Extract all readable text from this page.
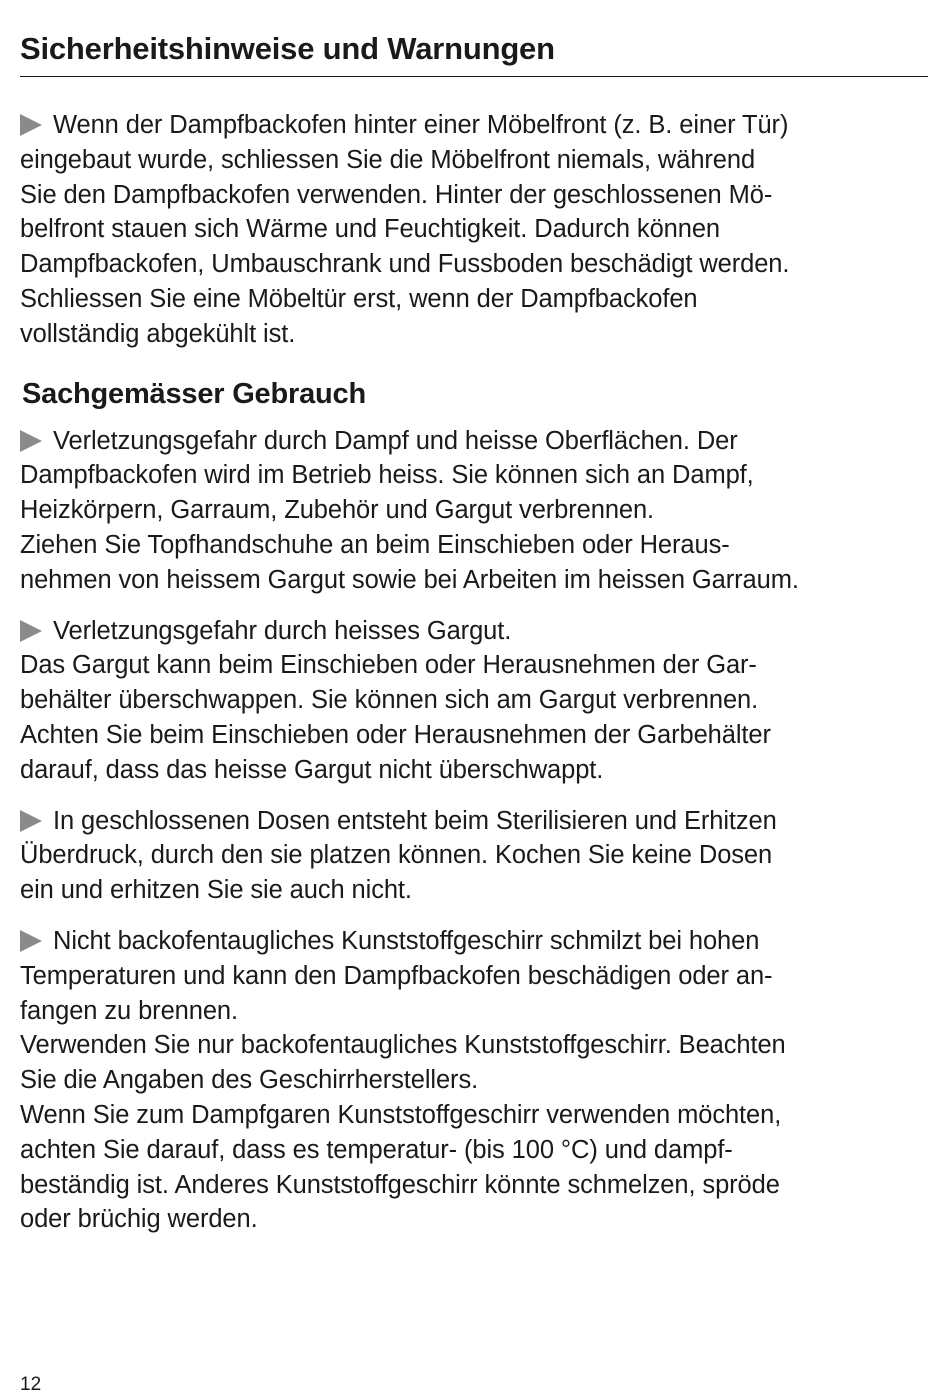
Sicherheitshinweise und Warnungen

Wenn der Dampfbackofen hinter einer Möbelfront (z. B. einer Tür)
eingebaut wurde, schliessen Sie die Möbelfront niemals, während
Sie den Dampfbackofen verwenden. Hinter der geschlossenen Mö-
belfront stauen sich Wärme und Feuchtigkeit. Dadurch können
Dampfbackofen, Umbauschrank und Fussboden beschädigt werden.
Schliessen Sie eine Möbeltür erst, wenn der Dampfbackofen
vollständig abgekühlt ist.

Sachgemässer Gebrauch

Verletzungsgefahr durch Dampf und heisse Oberflächen. Der
Dampfbackofen wird im Betrieb heiss. Sie können sich an Dampf,
Heizkörpern, Garraum, Zubehör und Gargut verbrennen.
Ziehen Sie Topfhandschuhe an beim Einschieben oder Heraus-
nehmen von heissem Gargut sowie bei Arbeiten im heissen Garraum.

Verletzungsgefahr durch heisses Gargut.
Das Gargut kann beim Einschieben oder Herausnehmen der Gar-
behälter überschwappen. Sie können sich am Gargut verbrennen.
Achten Sie beim Einschieben oder Herausnehmen der Garbehälter
darauf, dass das heisse Gargut nicht überschwappt.

In geschlossenen Dosen entsteht beim Sterilisieren und Erhitzen
Überdruck, durch den sie platzen können. Kochen Sie keine Dosen
ein und erhitzen Sie sie auch nicht.

Nicht backofentaugliches Kunststoffgeschirr schmilzt bei hohen
Temperaturen und kann den Dampfbackofen beschädigen oder an-
fangen zu brennen.
Verwenden Sie nur backofentaugliches Kunststoffgeschirr. Beachten
Sie die Angaben des Geschirrherstellers.
Wenn Sie zum Dampfgaren Kunststoffgeschirr verwenden möchten,
achten Sie darauf, dass es temperatur- (bis 100 °C) und dampf-
beständig ist. Anderes Kunststoffgeschirr könnte schmelzen, spröde
oder brüchig werden.

12
